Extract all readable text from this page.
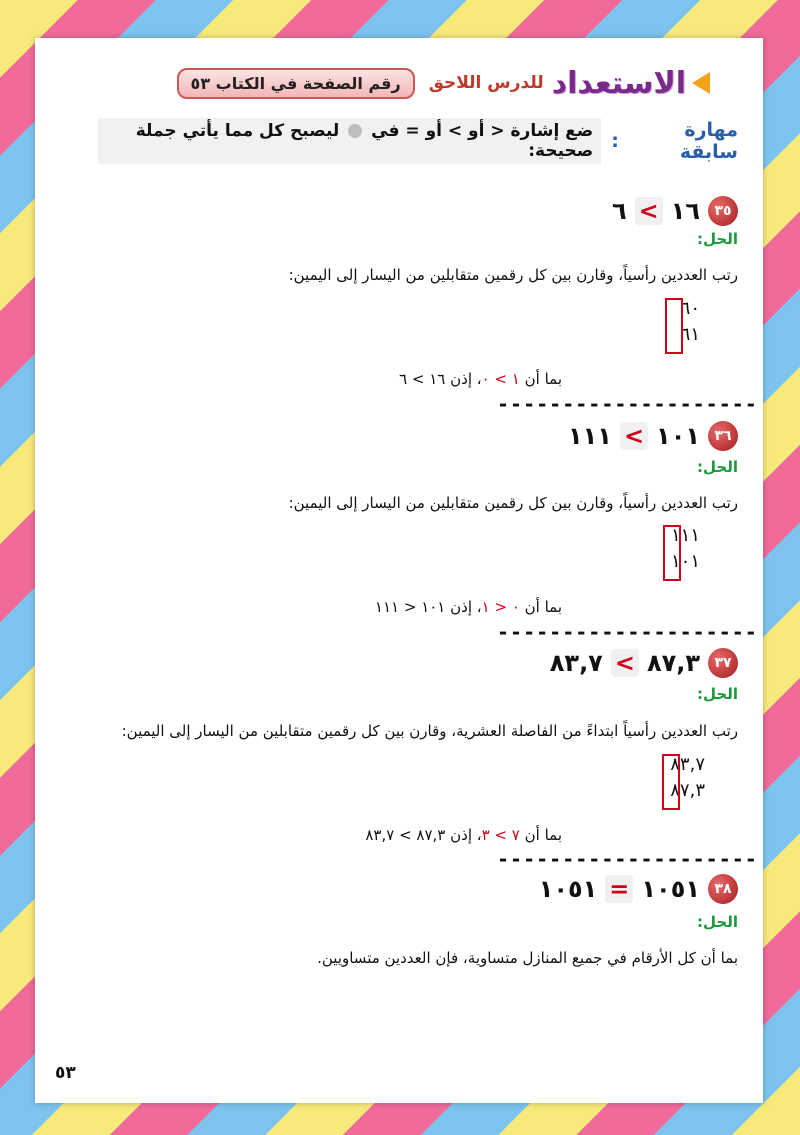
الاستعداد
للدرس اللاحق
رقم الصفحة في الكتاب ٥٣
مهارة سابقة
:
ضع إشارة < أو > أو = في  ليصبح كل مما يأتي جملة صحيحة:
٣٥
١٦
>
٦
الحل:
رتب العددين رأسياً، وقارن بين كل رقمين متقابلين من اليسار إلى اليمين:
٦٠
٦١
بما أن ١ > ٠، إذن ١٦ > ٦
--------------------
٣٦
١٠١
>
١١١
الحل:
رتب العددين رأسياً، وقارن بين كل رقمين متقابلين من اليسار إلى اليمين:
١١١
١٠١
بما أن ٠ < ١، إذن ١٠١ < ١١١
--------------------
٣٧
٨٧,٣
>
٨٣,٧
الحل:
رتب العددين رأسياً ابتداءً من الفاصلة العشرية، وقارن بين كل رقمين متقابلين من اليسار إلى اليمين:
٨٣,٧
٨٧,٣
بما أن ٧ > ٣، إذن ٨٧,٣ > ٨٣,٧
--------------------
٣٨
١٠٥١
=
١٠٥١
الحل:
بما أن كل الأرقام في جميع المنازل متساوية، فإن العددين متساويين.
٥٣
